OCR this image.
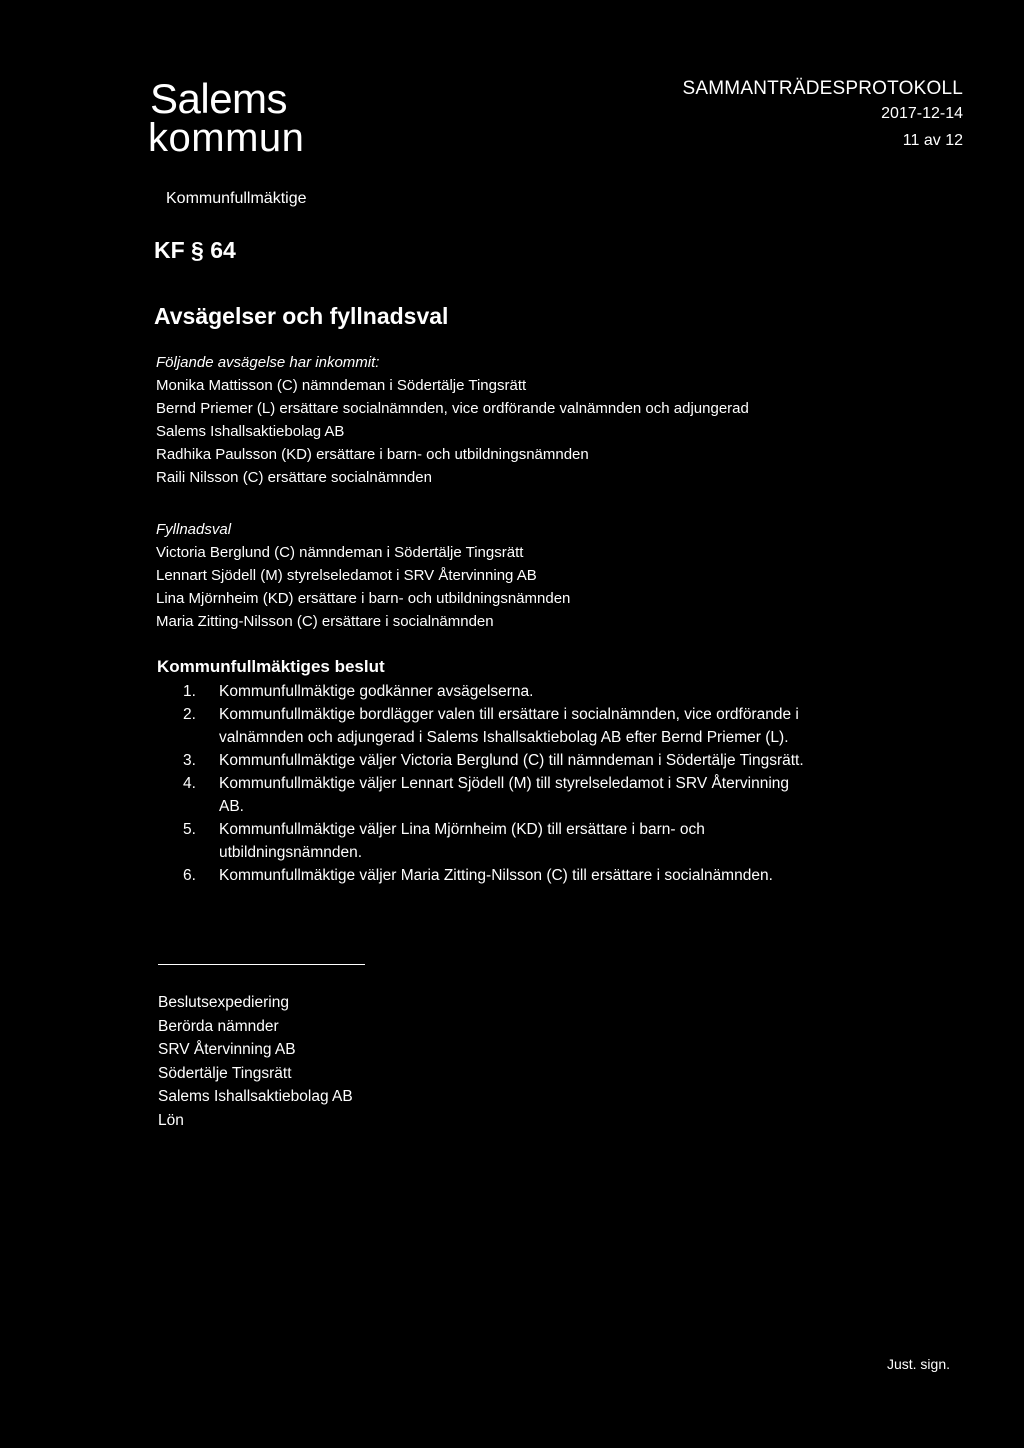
Salems
kommun
SAMMANTRÄDESPROTOKOLL
2017-12-14
11 av 12
Kommunfullmäktige
KF § 64
Avsägelser och fyllnadsval
Följande avsägelse har inkommit:
Monika Mattisson (C) nämndeman i Södertälje Tingsrätt
Bernd Priemer (L) ersättare socialnämnden, vice ordförande valnämnden och adjungerad
Salems Ishallsaktiebolag AB
Radhika Paulsson (KD) ersättare i barn- och utbildningsnämnden
Raili Nilsson (C) ersättare socialnämnden
Fyllnadsval
Victoria Berglund (C) nämndeman i Södertälje Tingsrätt
Lennart Sjödell (M) styrelseledamot i SRV Återvinning AB
Lina Mjörnheim (KD) ersättare i barn- och utbildningsnämnden
Maria Zitting-Nilsson (C) ersättare i socialnämnden
Kommunfullmäktiges beslut
1. Kommunfullmäktige godkänner avsägelserna.
2. Kommunfullmäktige bordlägger valen till ersättare i socialnämnden, vice ordförande i
valnämnden och adjungerad i Salems Ishallsaktiebolag AB efter Bernd Priemer (L).
3. Kommunfullmäktige väljer Victoria Berglund (C) till nämndeman i Södertälje Tingsrätt.
4. Kommunfullmäktige väljer Lennart Sjödell (M) till styrelseledamot i SRV Återvinning
AB.
5. Kommunfullmäktige väljer Lina Mjörnheim (KD) till ersättare i barn- och
utbildningsnämnden.
6. Kommunfullmäktige väljer Maria Zitting-Nilsson (C) till ersättare i socialnämnden.
Beslutsexpediering
Berörda nämnder
SRV Återvinning AB
Södertälje Tingsrätt
Salems Ishallsaktiebolag AB
Lön
Just. sign.
